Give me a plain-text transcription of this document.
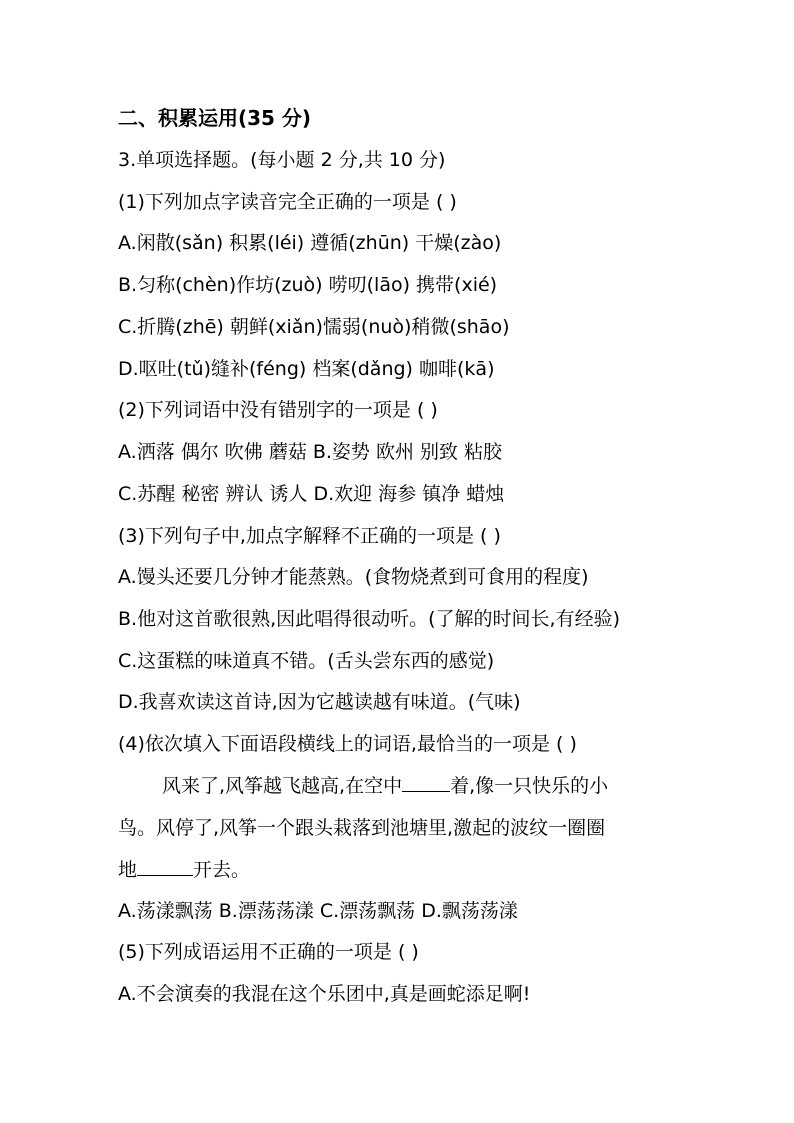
二、积累运用(35 分)
3.单项选择题。(每小题 2 分,共 10 分)
(1)下列加点字读音完全正确的一项是 ( )
A.闲散(sǎn) 积累(léi) 遵循(zhūn) 干燥(zào)
B.匀称(chèn)作坊(zuò) 唠叨(lāo) 携带(xié)
C.折腾(zhē) 朝鲜(xiǎn)懦弱(nuò)稍微(shāo)
D.呕吐(tǔ)缝补(féng) 档案(dǎng) 咖啡(kā)
(2)下列词语中没有错别字的一项是 ( )
A.洒落 偶尔 吹佛 蘑菇 B.姿势 欧州 别致 粘胶
C.苏醒 秘密 辨认 诱人 D.欢迎 海参 镇净 蜡烛
(3)下列句子中,加点字解释不正确的一项是 ( )
A.馒头还要几分钟才能蒸熟。(食物烧煮到可食用的程度)
B.他对这首歌很熟,因此唱得很动听。(了解的时间长,有经验)
C.这蛋糕的味道真不错。(舌头尝东西的感觉)
D.我喜欢读这首诗,因为它越读越有味道。(气味)
(4)依次填入下面语段横线上的词语,最恰当的一项是 ( )
风来了,风筝越飞越高,在空中	着,像一只快乐的小
鸟。风停了,风筝一个跟头栽落到池塘里,激起的波纹一圈圈
地	开去。
A.荡漾飘荡 B.漂荡荡漾 C.漂荡飘荡 D.飘荡荡漾
(5)下列成语运用不正确的一项是 ( )
A.不会演奏的我混在这个乐团中,真是画蛇添足啊!
